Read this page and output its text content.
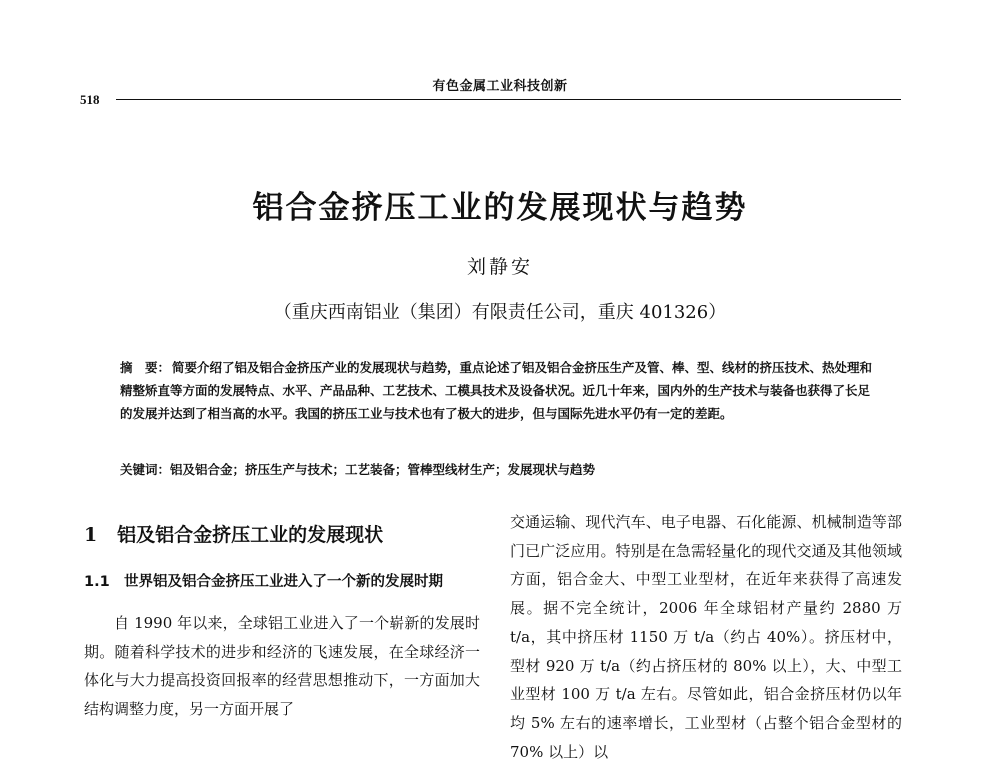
有色金属工业科技创新
518
铝合金挤压工业的发展现状与趋势
刘静安
（重庆西南铝业（集团）有限责任公司，重庆 401326）
摘　要： 简要介绍了铝及铝合金挤压产业的发展现状与趋势，重点论述了铝及铝合金挤压生产及管、棒、型、线材的挤压技术、热处理和精整矫直等方面的发展特点、水平、产品品种、工艺技术、工模具技术及设备状况。近几十年来，国内外的生产技术与装备也获得了长足的发展并达到了相当高的水平。我国的挤压工业与技术也有了极大的进步，但与国际先进水平仍有一定的差距。
关键词：铝及铝合金；挤压生产与技术；工艺装备；管棒型线材生产；发展现状与趋势
1 铝及铝合金挤压工业的发展现状
1.1 世界铝及铝合金挤压工业进入了一个新的发展时期

自 1990 年以来，全球铝工业进入了一个崭新的发展时期。随着科学技术的进步和经济的飞速发展，在全球经济一体化与大力提高投资回报率的经营思想推动下，一方面加大结构调整力度，另一方面开展了

交通运输、现代汽车、电子电器、石化能源、机械制造等部门已广泛应用。特别是在急需轻量化的现代交通及其他领域方面，铝合金大、中型工业型材，在近年来获得了高速发展。据不完全统计，2006 年全球铝材产量约 2880 万 t/a，其中挤压材 1150 万 t/a（约占 40%）。挤压材中，型材 920 万 t/a（约占挤压材的 80% 以上），大、中型工业型材 100 万 t/a 左右。尽管如此，铝合金挤压材仍以年均 5% 左右的速率增长，工业型材（占整个铝合金型材的 70% 以上）以
